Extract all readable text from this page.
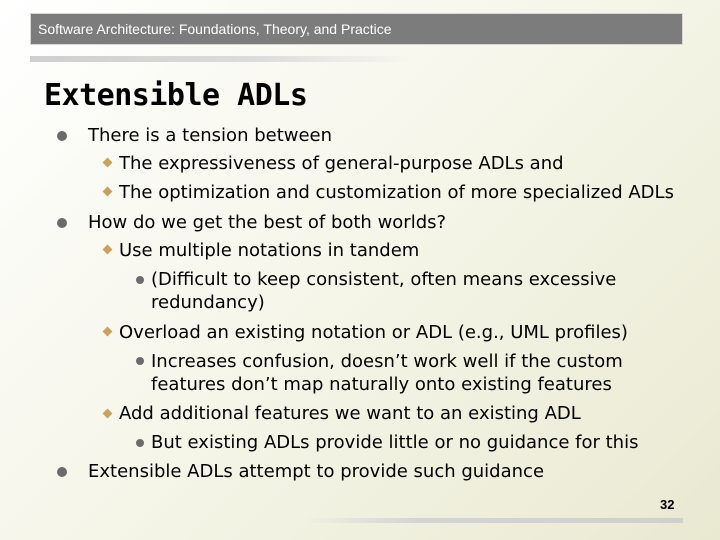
Software Architecture: Foundations, Theory, and Practice
Extensible ADLs
There is a tension between
The expressiveness of general-purpose ADLs and
The optimization and customization of more specialized ADLs
How do we get the best of both worlds?
Use multiple notations in tandem
(Difficult to keep consistent, often means excessive
redundancy)
Overload an existing notation or ADL (e.g., UML profiles)
Increases confusion, doesn’t work well if the custom
features don’t map naturally onto existing features
Add additional features we want to an existing ADL
But existing ADLs provide little or no guidance for this
Extensible ADLs attempt to provide such guidance
32
